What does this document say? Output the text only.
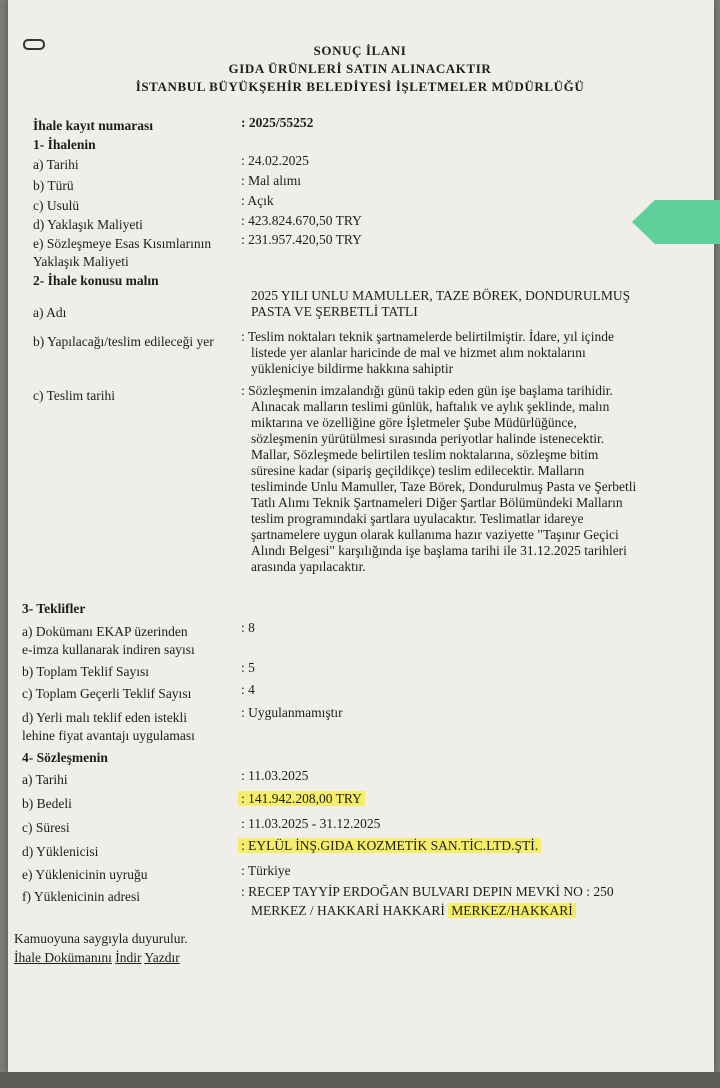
SONUÇ İLANI
GIDA ÜRÜNLERİ SATIN ALINACAKTIR
İSTANBUL BÜYÜKŞEHİR BELEDİYESİ İŞLETMELER MÜDÜRLÜĞÜ
İhale kayıt numarası	: 2025/55252
1- İhalenin
a) Tarihi	: 24.02.2025
b) Türü	: Mal alımı
c) Usulü	: Açık
d) Yaklaşık Maliyeti	: 423.824.670,50 TRY
e) Sözleşmeye Esas Kısımlarının
Yaklaşık Maliyeti
: 231.957.420,50 TRY
2- İhale konusu malın
a) Adı
2025 YILI UNLU MAMULLER, TAZE BÖREK, DONDURULMUŞ
PASTA VE ŞERBETLİ TATLI
b) Yapılacağı/teslim edileceği yer : Teslim noktaları teknik şartnamelerde belirtilmiştir. İdare, yıl içinde
listede yer alanlar haricinde de mal ve hizmet alım noktalarını
yükleniciye bildirme hakkına sahiptir
c) Teslim tarihi	: Sözleşmenin imzalandığı günü takip eden gün işe başlama tarihidir.
Alınacak malların teslimi günlük, haftalık ve aylık şeklinde, malın
miktarına ve özelliğine göre İşletmeler Şube Müdürlüğünce,
sözleşmenin yürütülmesi sırasında periyotlar halinde istenecektir.
Mallar, Sözleşmede belirtilen teslim noktalarına, sözleşme bitim
süresine kadar (sipariş geçildikçe) teslim edilecektir. Malların
tesliminde Unlu Mamuller, Taze Börek, Dondurulmuş Pasta ve Şerbetli
Tatlı Alımı Teknik Şartnameleri Diğer Şartlar Bölümündeki Malların
teslim programındaki şartlara uyulacaktır. Teslimatlar idareye
şartnamelere uygun olarak kullanıma hazır vaziyette "Taşınır Geçici
Alındı Belgesi" karşılığında işe başlama tarihi ile 31.12.2025 tarihleri
arasında yapılacaktır.
3- Teklifler
a) Dokümanı EKAP üzerinden
e-imza kullanarak indiren sayısı
: 8
b) Toplam Teklif Sayısı	: 5
c) Toplam Geçerli Teklif Sayısı	: 4
d) Yerli malı teklif eden istekli
lehine fiyat avantajı uygulaması
: Uygulanmamıştır
4- Sözleşmenin
a) Tarihi	: 11.03.2025
b) Bedeli	: 141.942.208,00 TRY
c) Süresi	: 11.03.2025 - 31.12.2025
d) Yüklenicisi	: EYLÜL İNŞ.GIDA KOZMETİK SAN.TİC.LTD.ŞTİ.
e) Yüklenicinin uyruğu	: Türkiye
f) Yüklenicinin adresi	: RECEP TAYYİP ERDOĞAN BULVARI DEPIN MEVKİ NO : 250
MERKEZ / HAKKARİ HAKKARİ MERKEZ/HAKKARİ
Kamuoyuna saygıyla duyurulur.
İhale Dokümanını İndir Yazdır
